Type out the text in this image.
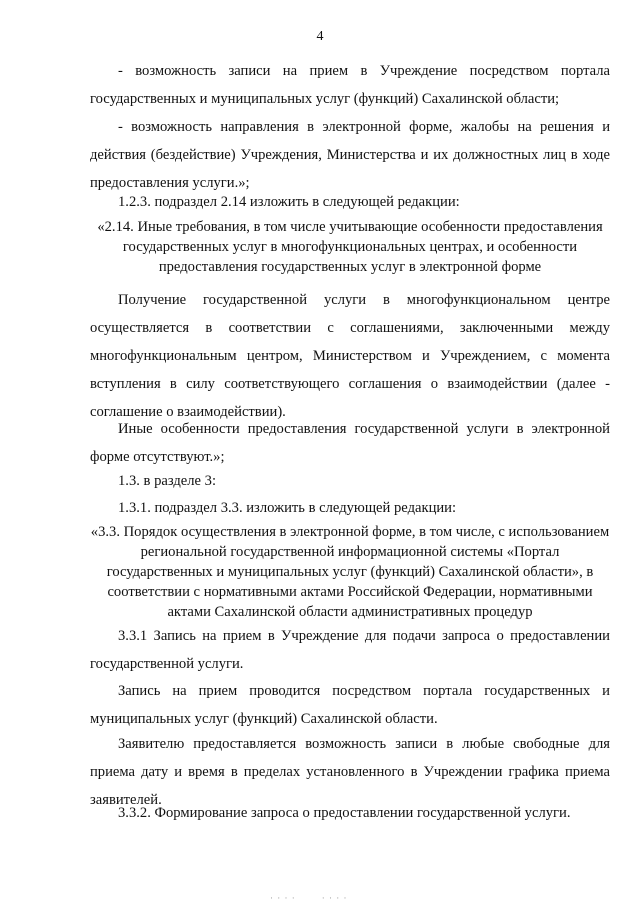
4
- возможность записи на прием в Учреждение посредством портала государственных и муниципальных услуг (функций) Сахалинской области;
- возможность направления в электронной форме, жалобы на решения и действия (бездействие) Учреждения, Министерства и их должностных лиц в ходе предоставления услуги.»;
1.2.3. подраздел 2.14 изложить в следующей редакции:
«2.14. Иные требования, в том числе учитывающие особенности предоставления государственных услуг в многофункциональных центрах, и особенности предоставления государственных услуг в электронной форме
Получение государственной услуги в многофункциональном центре осуществляется в соответствии с соглашениями, заключенными между многофункциональным центром, Министерством и Учреждением, с момента вступления в силу соответствующего соглашения о взаимодействии (далее - соглашение о взаимодействии).
Иные особенности предоставления государственной услуги в электронной форме отсутствуют.»;
1.3. в разделе 3:
1.3.1. подраздел 3.3. изложить в следующей редакции:
«3.3. Порядок осуществления в электронной форме, в том числе, с использованием региональной государственной информационной системы «Портал государственных и муниципальных услуг (функций) Сахалинской области», в соответствии с нормативными актами Российской Федерации, нормативными актами Сахалинской области административных процедур
3.3.1 Запись на прием в Учреждение для подачи запроса о предоставлении государственной услуги.
Запись на прием проводится посредством портала государственных и муниципальных услуг (функций) Сахалинской области.
Заявителю предоставляется возможность записи в любые свободные для приема дату и время в пределах установленного в Учреждении графика приема заявителей.
3.3.2. Формирование запроса о предоставлении государственной услуги.
· · · ·        · · · ·
